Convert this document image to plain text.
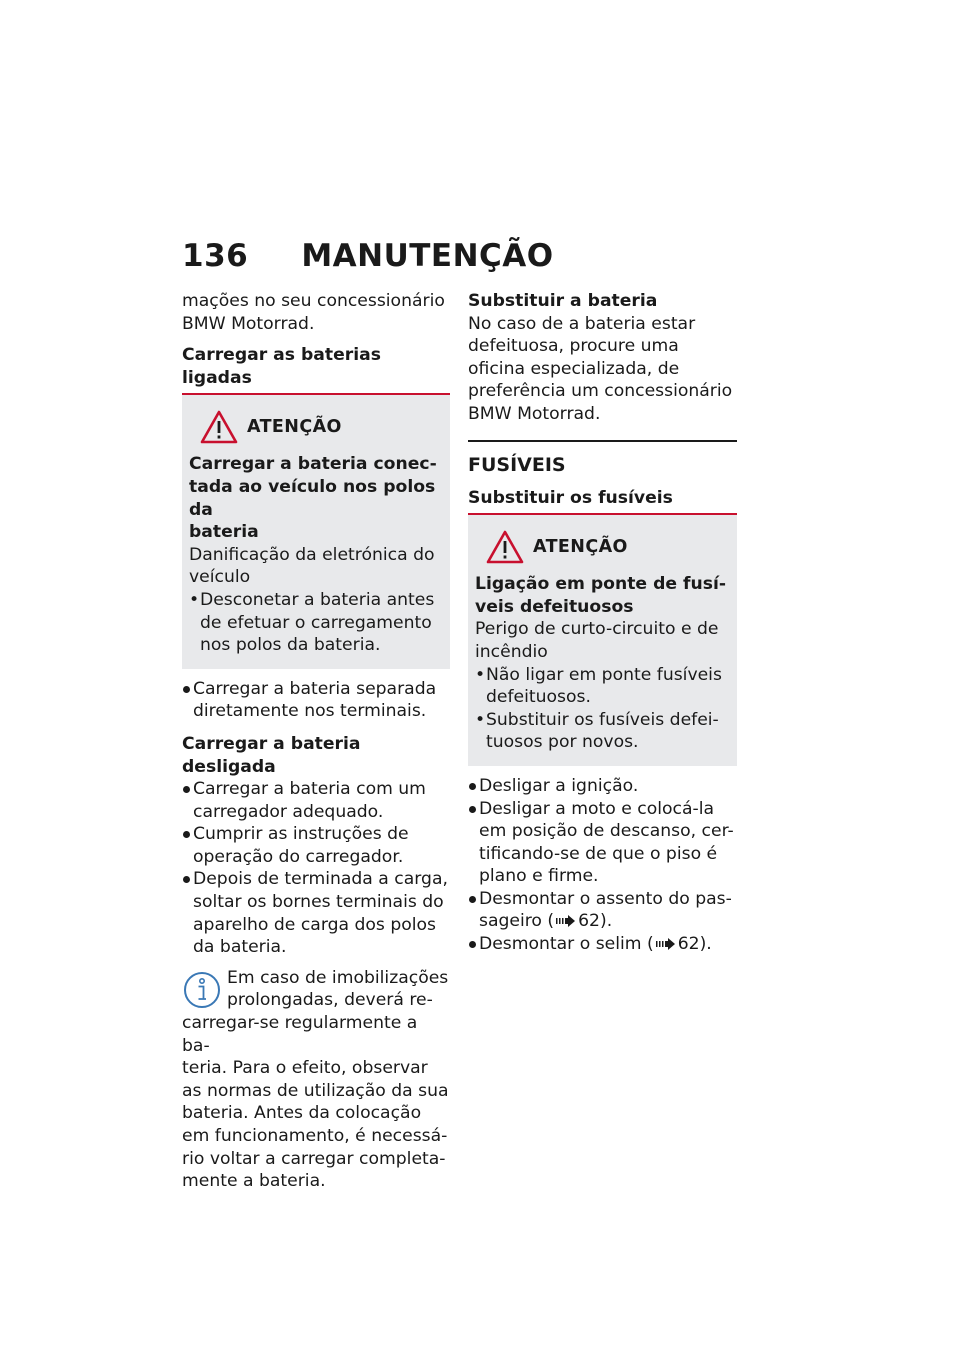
136 MANUTENÇÃO

mações no seu concessionário
BMW Motorrad.

Carregar as baterias ligadas

ATENÇÃO
Carregar a bateria conec-
tada ao veículo nos polos da
bateria
Danificação da eletrónica do
veículo
• Desconetar a bateria antes
de efetuar o carregamento
nos polos da bateria.
Carregar a bateria separada
diretamente nos terminais.

Carregar a bateria desligada

Carregar a bateria com um
carregador adequado.
Cumprir as instruções de
operação do carregador.
Depois de terminada a carga,
soltar os bornes terminais do
aparelho de carga dos polos
da bateria.
Em caso de imobilizações
prolongadas, deverá re-
carregar-se regularmente a ba-
teria. Para o efeito, observar
as normas de utilização da sua
bateria. Antes da colocação
em funcionamento, é necessá-
rio voltar a carregar completa-
mente a bateria.

Substituir a bateria

No caso de a bateria estar
defeituosa, procure uma
oficina especializada, de
preferência um concessionário
BMW Motorrad.

FUSÍVEIS

Substituir os fusíveis

ATENÇÃO
Ligação em ponte de fusí-
veis defeituosos
Perigo de curto-circuito e de
incêndio
• Não ligar em ponte fusíveis
defeituosos.
• Substituir os fusíveis defei-
tuosos por novos.
Desligar a ignição.
Desligar a moto e colocá-la
em posição de descanso, cer-
tificando-se de que o piso é
plano e firme.
Desmontar o assento do pas-
sageiro ( 62).
Desmontar o selim ( 62).
